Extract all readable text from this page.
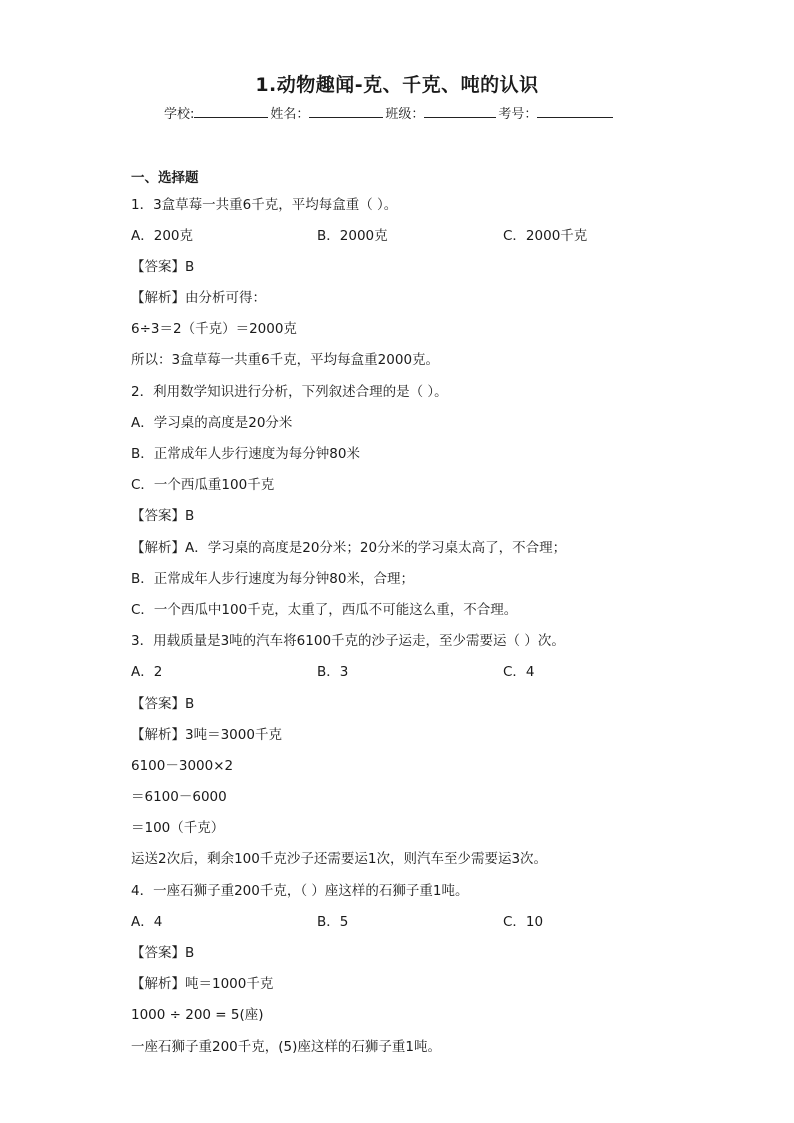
1.动物趣闻-克、千克、吨的认识
学校:	姓名：	班级：	考号：
一、选择题
1．3盒草莓一共重6千克，平均每盒重（ ）。
A．200克	B．2000克	C．2000千克
【答案】B
【解析】由分析可得：
6÷3＝2（千克）＝2000克
所以：3盒草莓一共重6千克，平均每盒重2000克。
2．利用数学知识进行分析，下列叙述合理的是（ ）。
A．学习桌的高度是20分米
B．正常成年人步行速度为每分钟80米
C．一个西瓜重100千克
【答案】B
【解析】A．学习桌的高度是20分米；20分米的学习桌太高了，不合理；
B．正常成年人步行速度为每分钟80米，合理；
C．一个西瓜中100千克，太重了，西瓜不可能这么重，不合理。
3．用载质量是3吨的汽车将6100千克的沙子运走，至少需要运（ ）次。
A．2	B．3	C．4
【答案】B
【解析】3吨＝3000千克
6100－3000×2
＝6100－6000
＝100（千克）
运送2次后，剩余100千克沙子还需要运1次，则汽车至少需要运3次。
4．一座石狮子重200千克，（ ）座这样的石狮子重1吨。
A．4	B．5	C．10
【答案】B
【解析】吨＝1000千克
1000 ÷ 200 = 5(座)
一座石狮子重200千克，(5)座这样的石狮子重1吨。
